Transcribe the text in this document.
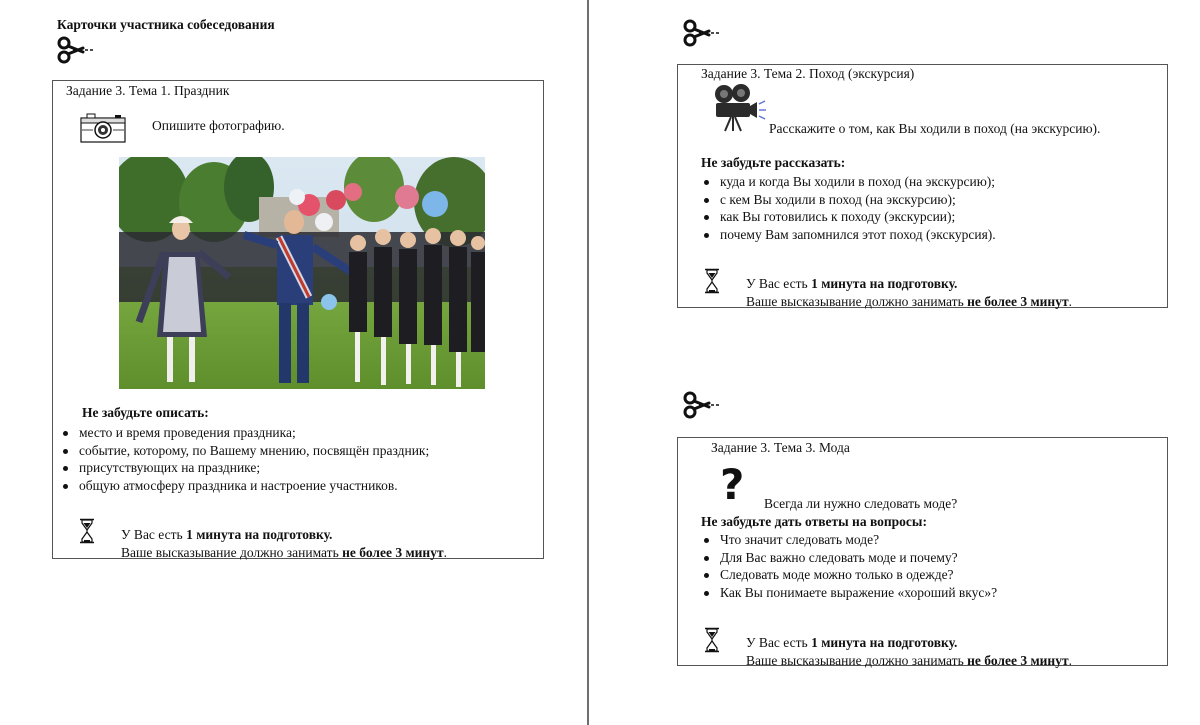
Карточки участника собеседования
Задание 3. Тема 1. Праздник
Опишите фотографию.
Не забудьте описать:
место и время проведения праздника;
событие, которому, по Вашему мнению, посвящён праздник;
присутствующих на празднике;
общую атмосферу праздника и настроение участников.
У Вас есть 1 минута на подготовку.
Ваше высказывание должно занимать не более 3 минут.
Задание 3. Тема 2. Поход (экскурсия)
Расскажите о том, как Вы ходили в поход (на экскурсию).
Не забудьте рассказать:
куда и когда Вы ходили в поход (на экскурсию);
с кем Вы ходили в поход (на экскурсию);
как Вы готовились к походу (экскурсии);
почему Вам запомнился этот поход (экскурсия).
У Вас есть 1 минута на подготовку.
Ваше высказывание должно занимать не более 3 минут.
Задание 3. Тема 3. Мода
? Всегда ли нужно следовать моде?
Не забудьте дать ответы на вопросы:
Что значит следовать моде?
Для Вас важно следовать моде и почему?
Следовать моде можно только в одежде?
Как Вы понимаете выражение «хороший вкус»?
У Вас есть 1 минута на подготовку.
Ваше высказывание должно занимать не более 3 минут.
